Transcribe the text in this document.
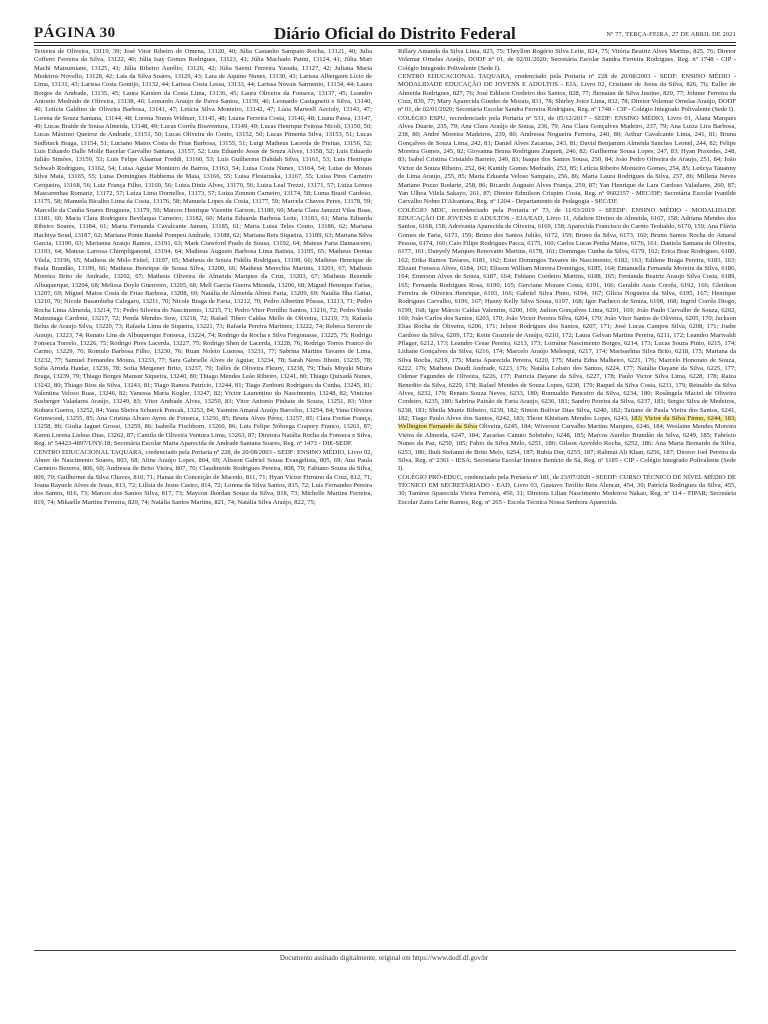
PÁGINA 30	Diário Oficial do Distrito Federal	Nº 77, TERÇA-FEIRA, 27 DE ABRIL DE 2021

Teixeira de Oliveira, 13119, 39; José Vitor Ribeiro de Omena, 13120, 40; Júlia Castanho Sampaio Rocha, 13121, 40; Julia Cofferri Ferreira da Silva, 13122, 40; Júlia Isay Gomes Rodrigues, 13123, 41; Júlia Machado Patini, 13124, 41; Júlia Mari Machi Matsumiane, 13125, 41; Júlia Ribeiro Aurélio, 13126, 42; Júlia Saemi Ferreira Yasuda, 13127, 42; Juliana Maria Medeiros Novello, 13128, 42; Laís da Silva Soares, 13129, 43; Lara de Aquino Nunes, 13130, 43; Larissa Albergaini Lício de Lima, 13131, 43; Larissa Costa Gontijo, 13132, 44; Larissa Costa Lessa, 13133, 44; Larissa Novais Sarmento, 13134, 44; Laura Borges de Andrade, 13135, 45; Laura Karsten da Costa Lima, 13136, 45; Laura Oliveira da Fonseca, 13137, 45; Leandro Antonio Medrado de Oliveira, 13138, 46; Leonardo Araújo de Paiva Santos, 13139, 46; Leonardo Castagnetti e Silva, 13140, 46; Letícia Galdino de Oliveira Barbosa, 13141, 47; Letícia Silva Monteiro, 13142, 47; Lísia Marwell Aecioly, 13143, 47; Lorena de Souza Santana, 13144, 48; Lorena Nunes Widmer, 13145, 48; Luana Ferreira Costa, 13146, 48; Luana Passa, 13147, 49; Lucas Braide de Sousa Almeida, 13148, 49; Lucas Corrêa Boaventura, 13149, 49; Lucas Henrique Feitosa Nicoli, 13150, 50; Lucas Máximo Queiroz de Andrade, 13151, 50; Lucas Oliveira do Couto, 13152, 50; Lucas Pimenta Silva, 13153, 51; Lucas Sudbrack Braga, 13154, 51; Luciano Matos Costa de Frias Barbosa, 13155, 51; Luigi Matheus Lacerda de Freitas, 13156, 52; Luis Eduardo Dalle Molle Bacelar Carvalho Santana, 13157, 52; Luis Eduardo Jesus de Souza Alves, 13158, 52; Luis Eduardo Julião Simões, 13159, 53; Luis Felipe Alaamar Freddi, 13160, 53; Luis Guilherme Dahdah Silva, 13161, 53; Luis Henrique Schwab Rodrigues, 13162, 54; Luisa Aguiar Monteiro de Barros, 13163, 54; Luisa Costa Nunes, 13164, 54; Luise de Morais Silva Maia, 13165, 55; Luisa Domingues Habbema de Maia, 13166, 55; Luisa Fleuaruska, 13167, 55; Luisa Pires Carneiro Cerqueira, 13168, 56; Luiz França Filho, 13169, 56; Luiza Diniz Alves, 13170, 56; Luiza Leal Trezzi, 13171, 57; Luiza Lemos Mascarenhas Romariz, 13172, 57; Luiza Lima Dornelles, 13173, 57; Luiza Zonnon Carneiro, 13174, 58; Luma Brasil Cardoso, 13175, 58; Manuela Bicalho Lima da Costa, 13176, 58; Manuela Lopes da Costa, 13177, 59; Marcela Chaves Peres, 13178, 59; Marcelle da Cunha Soares Bruguera, 13179, 59; Marcos Henrique Visentin Garzon, 13180, 60; Maria Clara Januzzi Vilas Boas, 13181, 60; Maria Clara Rodrigues Bevilaqua Carneiro, 13182, 60; Maria Eduarda Barbosa Leite, 13183, 61; Maria Eduarda Ribeiro Soares, 13184, 61; Maria Fernanda Cavalcante Jansen, 13185, 61; Maria Luisa Teles Couto, 13186, 62; Mariana Hachiya Soud, 13187, 62; Mariana Ponte Randal Pompeu Andrade, 13188, 62; Mariana Reis Siqueira, 13189, 63; Mariana Silva Garcia, 13190, 63; Marianna Araujo Ramos, 13191, 63; Mark Crawford Prado de Sousa, 13192, 64; Mateus Faria Damasceno, 13193, 64; Mateus Larrosa Chimpliganond, 13194, 64; Matheus Augusto Barbosa Lima Batista, 13195, 65; Matheus Dontas Vilela, 13196, 65; Matheus de Melo Feitel, 13197, 65; Matheus de Souza Fidélis Rodrigues, 13198, 66; Matheus Henrique de Paula Brandão, 13199, 66; Matheus Henrique de Sousa Silva, 13200, 66; Matheus Merechia Martins, 13201, 67; Matheus Moreira Brito de Andrade, 13202, 67; Matheus Oliveira de Almeida Marques da Cruz, 13203, 67; Matheus Rezende Albuquerque, 13204, 68; Melissa Doyle Guerreiro, 13205, 68; Mell Garcia Guerra Miranda, 13206, 68; Miguel Henrique Farias, 13207, 69; Miguel Matos Costa de Frias Barbosa, 13208, 69; Natália de Almeida Abreu Faria, 13209, 69; Natália Ilha Gattai, 13210, 70; Nicole Basambeba Calegaro, 13211, 70; Nicole Braga de Faria, 13212, 70; Pedro Albertini Pôssas, 13213, 71; Pedro Rocha Lima Almeida, 13214, 71; Pedro Silveira do Nascimento, 13215, 71; Pedro Vitor Portilho Santos, 13216, 72; Pedro Yuuki Matsunaga Cardona, 13217, 72; Penda Mendes Sow, 13218, 72; Rafael Tiberi Caldas Mello de Oliveira, 13219, 73; Rafaela Belus de Araujo Silva, 13220, 73; Rafaela Lima de Siqueira, 13221, 73; Rafaela Pereira Martinez, 13222, 74; Rebeca Serero de Araujo, 13223, 74; Renato Lins de Albuquerque Fonseca, 13224, 74; Rodrigo da Rocha e Silva Fregonasse, 13225, 75; Rodrigo Fonseca Torrelo, 13226, 75; Rodrigo Pires Lacerda, 13227, 75; Rodrigo Shen de Lacerda, 13228, 76; Rodrigo Torres Franco do Carmo, 13229, 76; Romulo Barbosa Filho, 13230, 76; Ruan Noleto Lustosa, 13231, 77; Sabrina Martins Tavares de Lima, 13232, 77; Samuel Fernandes Moura, 13233, 77; Sara Gabrielle Alves de Aguiar, 13234, 78; Sarah Neres Jiboin, 13235, 78; Sofia Arruda Haidar, 13236, 78; Sofia Mergener Brito, 13237, 79; Talles de Oliveira Fleury, 13238, 79; Thaís Miyuki Miura Braga, 13239, 79; Thiago Borges Mansur Siqueira, 13240, 80; Thiago Mendes Leão Ribeiro, 13241, 80; Thiago Quixadá Nunes, 13242, 80; Thiago Rios da Silva, 13243, 81; Tiago Ramos Patrício, 13244, 81; Tiago Zenboni Rodrigues da Cunha, 13245, 81; Valentina Veloso Ruas, 13246, 82; Vanessa Maria Kogler, 13247, 82; Victor Laurentino do Nascimento, 13248, 82; Vinicius Susberger Valadares Araújo, 13249, 83; Vitor Andrade Alves, 13250, 83; Vitor Antonio Pinhate de Souza, 13251, 83; Vitor Kohara Guerra, 13252, 84; Yana Sheiva Schunck Poncak, 13253, 84; Yasmim Amaral Araújo Barcelos, 13254, 84; Yuna Oliveira Grimwood, 13255, 85; Ana Cristina Alvaro Ayres de Fonseca, 13256, 85; Bruna Alves Pérez, 13257, 85; Clara Freitas França, 13258, 86; Giulia Jagnet Grossi, 13259, 86; Isabella Fischborn, 13260, 86; Luis Felipe Nóbrega Crapory Franco, 13261, 87; Karen Lorena Lisboa Dias, 13262, 87; Camila de Oliveira Ventura Lima, 13263, 87; Diretora Natália Rocha da Fonseca e Silva, Reg. nº 54423-4897/UNY-18; Secretária Escolar Maria Aparecida de Andrade Santana Soares, Reg. nº 1473 - DIE-SEDF.

CENTRO EDUCACIONAL TAQUARA, credenciado pela Portaria nº 228, de 20/08/2003 - SEDF: ENSINO MÉDIO, Livro 02, Abner do Nascimento Soares, 803, 68; Aline Araújo Lopes, 804, 69; Alisson Gabriel Sousa Evangelista, 805, 69; Ana Paula Carneiro Bezerra, 806, 69; Andressa de Brito Vieira, 807, 70; Claudineide Rodrigues Pereira, 808, 70; Fabiano Souza da Silva, 809, 70; Guilherme da Silva Chaves, 810, 71; Hanaa do Conceição de Macedo, 811, 71; Hyan Victor Firmino da Cruz, 812, 71; Joana Rayuele Alves de Jesus, 813, 72; Lilísia de Jesus Castro, 814, 72; Lorena da Silva Santos, 815, 72; Luís Fernandes Pereira dos Santos, 816, 73; Marcos dos Santos Silva, 817, 73; Maycon Jhordan Souza da Silva, 818, 73; Michelle Martins Ferreira, 819, 74; Mikaelle Martins Ferreira, 820, 74; Natália Santos Martins, 821, 74; Natália Silva Araújo, 822, 75;

Rillary Amanda da Silva Lima, 823, 75; Theyllon Rogério Silva Leite, 824, 75; Vitória Beatriz Alves Martins, 825, 76; Diretor Volemar Ornelas Araújo, DODF nº 01, de 02/01/2020; Secretária Escolar Sandra Ferreira Rodrigues, Reg. nº 1748 - CIP - Colégio Integrado Polivalente (Sede I).

CENTRO EDUCACIONAL TAQUARA, credenciado pela Portaria nº 228 de 20/08/2003 - SEDF: ENSINO MÉDIO - MODALIDADE EDUCAÇÃO DE JOVENS E ADULTOS - EJA, Livro 02, Cristiane de Jesus da Silva, 826, 76; Euller de Almeida Rodrigues, 827, 76; José Edilson Cordeiro dos Santos, 828, 77; Jhonatan de Silva Justino, 829, 77; Johnne Ferreira da Cruz, 830, 77; Mary Aparecida Guedes de Morais, 831, 78; Shirley Joice Lima, 832, 78; Diretor Volemar Ornelas Araújo, DODF nº 01, de 02/01/2020; Secretária Escolar Sandra Ferreira Rodrigues, Reg. nº 1748 - CIP - Colégio Integrado Polivalente (Sede I).

COLÉGIO ESPU, recredenciado pela Portaria nº 531, de 05/12/2017 - SEDF: ENSINO MÉDIO, Livro 01, Alana Marques Alves Duarte, 235, 79; Ana Clara Araújo de Sousa, 236, 79; Ana Clara Gonçalves Madeiro, 237, 79; Ana Luiza Lira Barbosa, 238, 80; André Moreira Madeiros, 239, 80; Andressa Nogueira Ferreira, 240, 80; Arthur Cavalcante Lima, 241, 81; Bruna Gonçalves de Souza Lima, 242, 81; Daniel Alves Zacarias, 243, 81; David Benjamim Almeida Sanches Leonel, 244, 82; Felipe Moreira Gomes, 245, 82; Giovanna Bruna Rodrigues Zuquett, 246, 82; Guilherme Sousa Lopes, 247, 83; Hyan Praxedes, 248, 83; Isabel Cristina Cristaldo Barreto, 249, 83; Isaque dos Santos Sousa, 250, 84; João Pedro Oliveira de Araujo, 251, 84; João Victor de Souza Ribeiro, 252, 84; Kamily Gomes Medrado, 253, 85; Letícia Ribeiro Monteiro Gomes, 254, 85; Letícya Tauanny de Lima Araujo, 255, 85; Maria Eduarda Veloso Sampaio, 256, 86; Maria Laura Rodrigues da Silva, 257, 86; Millena Neves Mariano Pozzo Rodarte, 258, 86; Ricardo Augusto Alves França, 259, 87; Yan Henrique de Lara Cardoso Valadares, 260, 87; Yan Ulhoa Vilela Sakayo, 261, 87; Diretor Edmilson Crispim Costa, Reg. nº 9602357 - MEC/DF; Secretária Escolar Ivanilde Carvalho Nobre D'Alcantara, Reg. nº 1204 - Departamento de Pedagogia - SEC/DF.

COLÉGIO MDC, recredenciado pela Portaria nº 73, de 11/03/2019 - SEEDF: ENSINO MÉDIO - MODALIDADE EDUCAÇÃO DE JOVENS E ADULTOS - EJA/EAD, Livro 11, Adalton Divino de Almeida, 6167, 158; Adriana Mendes dos Santos, 6168, 158; Adrevania Aparecida de Oliveira, 6169, 158; Aparecida Francisco do Carmo Teobaldo, 6170, 159; Ana Flávia Gomes de Faria, 6171, 159; Bruno dos Santos Julião, 6172, 159; Bruno da Silva, 6173, 160; Bruno Santos Rocha do Amaral Pessoa, 6174, 160; Caio Filipe Rodrigues Pacca, 6175, 160; Carlos Lucas Penha Matos, 6176, 161; Daniela Santana de Oliveira, 6177, 161; Danyely Marques Renovatto Martins, 6178, 161; Domingas Cunha da Silva, 6179, 162; Erica Braz Rodrigues, 6180, 162; Erika Ramos Tavares, 6181, 162; Ester Domingos Tavares do Nascimento, 6182, 163; Edilene Braga Pereira, 6183, 163; Elizani Fonseca Alves, 6184, 163; Elisson William Moreira Domingos, 6185, 164; Emanuella Fernanda Moreira da Silva, 6186, 164; Emerson Alves de Souza, 6187, 164; Fabiano Cordeiro Martins, 6188, 165; Fernanda Beatriz Araujo Silva Costa, 6189, 165; Fernanda Rodrigues Rosa, 6190, 165; Gerciane Moraes Costa, 6191, 166; Geraldo Assis Corrêa, 6192, 166; Gleidson Ferreira de Oliveira Henrique, 6193, 166; Gabriel Silva Pinto, 6194, 167; Glícia Nogueira da Silva, 6195, 167; Henrique Rodrigues Carvalho, 6196, 167; Husny Kelly Silva Sousa, 6197, 168; Igor Pacheco de Souza, 6198, 168; Ingrid Corrêa Diogo, 6199, 168; Igor Márcio Caldas Valentim, 6200, 169; Jailton Gonçalves Lima, 6201, 169; João Paulo Carvalho de Souza, 6202, 169; João Carlos dos Santos, 6203, 170; João Victor Pereira Silva, 6204, 170; João Vitor Santos de Oliveira, 6205, 170; Jackson Elias Rocha de Oliveira, 6206, 171; Jelson Rodrigues dos Santos, 6207, 171; José Lucas Campos Silva, 6208, 171; Joabe Cardoso da Silva, 6209, 172; Keite Graziele de Araújo, 6210, 172; Laura Gelvan Martins Pereira, 6211, 172; Leandro Marivaldi Pflager, 6212, 173; Leandro Cesar Pereira, 6213, 173; Lorraine Nascimento Borges, 6214, 173; Lucas Souza Pinto, 6215, 174; Lidiane Gonçalves da Silva, 6216, 174; Marcelo Araújo Melesqui, 6217, 174; Marisselma Silva Brito, 6218, 175; Mariana da Silva Rocha, 6219, 175; Maria Aparecida Pereira, 6220, 175; Maria Edna Malheiro, 6221, 176; Marcelo Honorato de Souza, 6222, 176; Matheus Daudt Andrade, 6223, 176; Natália Lobato dos Santos, 6224, 177; Natália Dayane da Silva, 6225, 177; Odenar Fagundes de Oliveira, 6226, 177; Patricia Dayane da Silva, 6227, 178; Paulo Victor Silva Lima, 6228, 178; Raiza Benedito da Silva, 6229, 178; Rafael Mendes de Souza Lopes, 6230, 179; Raquel da Silva Costa, 6231, 179; Reinaldo da Silva Alves, 6232, 179; Renato Souza Neves, 6233, 180; Romualdo Panceiro da Silva, 6234, 180; Rosângela Maciel de Oliveira Cordeiro, 6235, 180; Sabrina Paixão de Faria Araujo, 6236, 181; Sandro Pereira da Silva, 6237, 181; Sergio Silva de Medeiros, 6238, 181; Sheila Muniz Ribeiro, 6239, 182; Simon Bolivar Dias Silva, 6240, 182; Tatiane de Paula Vieira dos Santos, 6241, 182; Tiago Paulo Alves dos Santos, 6242, 183; Thoni Khistiam Mendes Lopes, 6243, 183; Victor da Silva Firmo, 6244, 183; Wellington Fernando da Silva Oliveira, 6245, 184; Wiverson Carvalho Martins Marques, 6246, 184; Weslaine Mendes Moreira Vieira de Almeida, 6247, 184; Zacarias Canuto Sobrinho, 6248, 185; Marcos Aurélio Brandão da Silva, 6249, 185; Fabrício Nunes da Paz, 6250, 185; Fabio da Silva Melo, 6251, 186; Gilson Azevêdo Rocha, 6252, 186; Ana Maria Bernardo da Silva, 6253, 186; Jhuli Stefanni de Brito Melo, 6254, 187; Rubia Dur, 6255, 187; Rahmat Ali Khan, 6256, 187; Diretor Joel Pereira da Silva, Reg. nº 2361 - IESA; Secretária Escolar Irenice Benício de Sá, Reg. nº 1185 - CIP - Colégio Integrado Polivalente (Sede I).

COLÉGIO PRÓ-EDUC, credenciado pela Portaria nº 181, de 23/07/2020 - SEEDF: CURSO TÉCNICO DE NÍVEL MÉDIO DE TÉCNICO EM SECRETARIADO - EAD, Livro 03, Gustavo Teófilo Reis Alencar, 454, 30; Patrícia Rodrigues da Silva, 455, 30; Tamires Aparecida Vieira Ferreira, 456, 31; Diretora Lilian Nascimento Medeiros Nakao, Reg. nº 114 - FIPAR; Secretária Escolar Zaira Leite Ramos, Reg. nº 265 - Escola Técnica Nossa Senhora Aparecida.

Documento assinado digitalmente, original em https://www.dodf.df.gov.br
